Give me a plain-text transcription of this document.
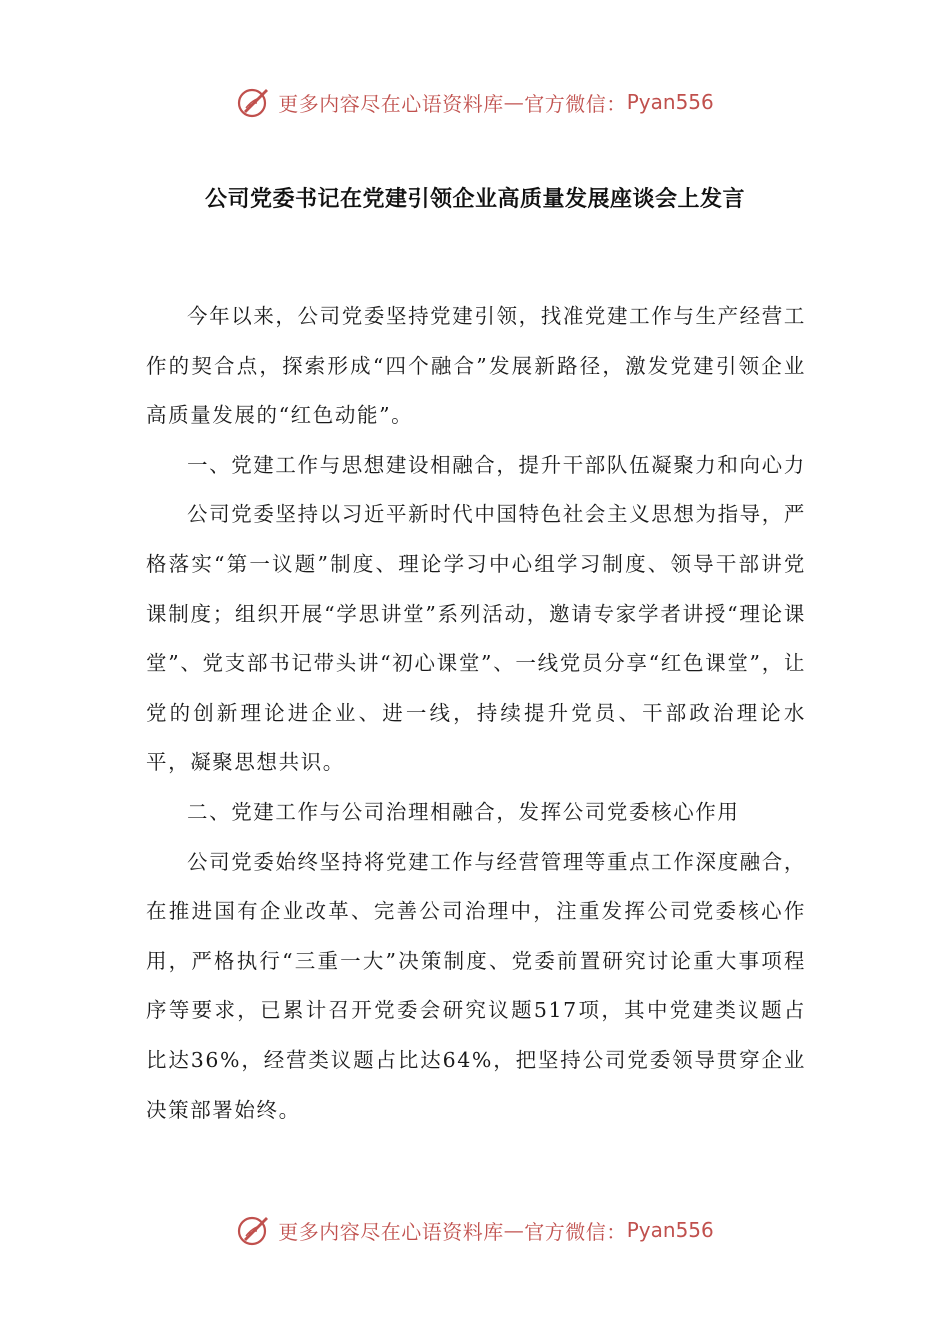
更多内容尽在心语资料库 — 官方微信： Pyan556
公司党委书记在党建引领企业高质量发展座谈会上发言

今年以来，公司党委坚持党建引领，找准党建工作与生产经营工作的契合点，探索形成“四个融合”发展新路径，激发党建引领企业高质量发展的“红色动能”。

一、党建工作与思想建设相融合，提升干部队伍凝聚力和向心力

公司党委坚持以习近平新时代中国特色社会主义思想为指导，严格落实“第一议题”制度、理论学习中心组学习制度、领导干部讲党课制度；组织开展“学思讲堂”系列活动，邀请专家学者讲授“理论课堂”、党支部书记带头讲“初心课堂”、一线党员分享“红色课堂”，让党的创新理论进企业、进一线，持续提升党员、干部政治理论水平，凝聚思想共识。

二、党建工作与公司治理相融合，发挥公司党委核心作用

公司党委始终坚持将党建工作与经营管理等重点工作深度融合，在推进国有企业改革、完善公司治理中，注重发挥公司党委核心作用，严格执行“三重一大”决策制度、党委前置研究讨论重大事项程序等要求，已累计召开党委会研究议题517项，其中党建类议题占比达36%，经营类议题占比达64%，把坚持公司党委领导贯穿企业决策部署始终。

更多内容尽在心语资料库 — 官方微信： Pyan556
